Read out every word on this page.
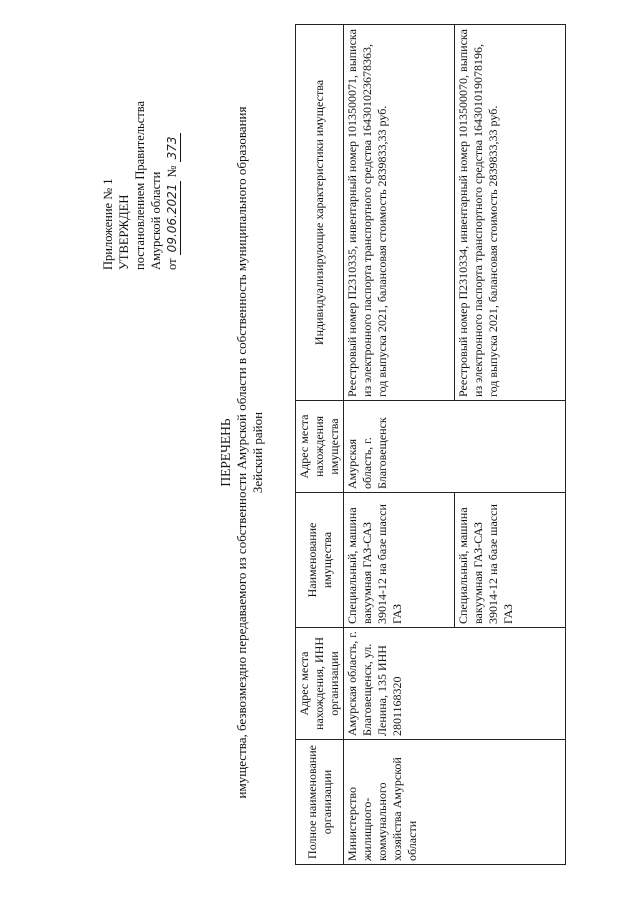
Приложение № 1 УТВЕРЖДЕН постановлением Правительства Амурской области от 09.06.2021 № 373
ПЕРЕЧЕНЬ имущества, безвозмездно передаваемого из собственности Амурской области в собственность муниципального образования Зейский район
Полное наименование организации	Адрес места нахождения, ИНН организации	Наименование имущества	Адрес места нахождения имущества	Индивидуализирующие характеристики имущества
Министерство жилищного-коммунального хозяйства Амурской области	Амурская область, г. Благовещенск, ул. Ленина, 135 ИНН 2801168320	Специальный, машина вакуумная ГАЗ-САЗ 39014-12 на базе шасси ГАЗ	Амурская область, г. Благовещенск	Реестровый номер П2310335, инвентарный номер 1013500071, выписка из электронного паспорта транспортного средства 164301023678363, год выпуска 2021, балансовая стоимость 2839833,33 руб.
		Специальный, машина вакуумная ГАЗ-САЗ 39014-12 на базе шасси ГАЗ		Реестровый номер П2310334, инвентарный номер 1013500070, выписка из электронного паспорта транспортного средства 164301019078196, год выпуска 2021, балансовая стоимость 2839833,33 руб.
